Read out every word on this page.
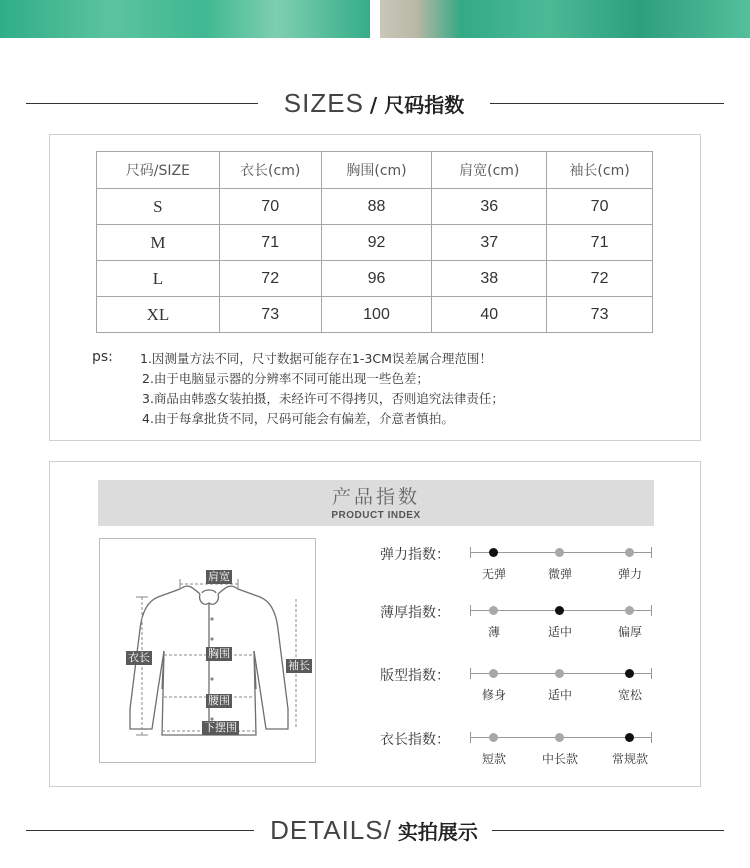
SIZES / 尺码指数
尺码/SIZE	衣长(cm)	胸围(cm)	肩宽(cm)	袖长(cm)
S	70	88	36	70
M	71	92	37	71
L	72	96	38	72
XL	73	100	40	73
ps: 1.因测量方法不同，尺寸数据可能存在1-3CM误差属合理范围！
2.由于电脑显示器的分辨率不同可能出现一些色差；
3.商品由韩惑女装拍摄，未经许可不得拷贝，否则追究法律责任；
4.由于每拿批货不同，尺码可能会有偏差，介意者慎拍。
产品指数
PRODUCT INDEX
肩宽
衣长	胸围
袖长
腰围
下摆围
弹力指数：
无弹	微弹	弹力
薄厚指数：
薄	适中	偏厚
版型指数：
修身	适中	宽松
衣长指数：
短款	中长款	常规款
DETAILS/ 实拍展示
